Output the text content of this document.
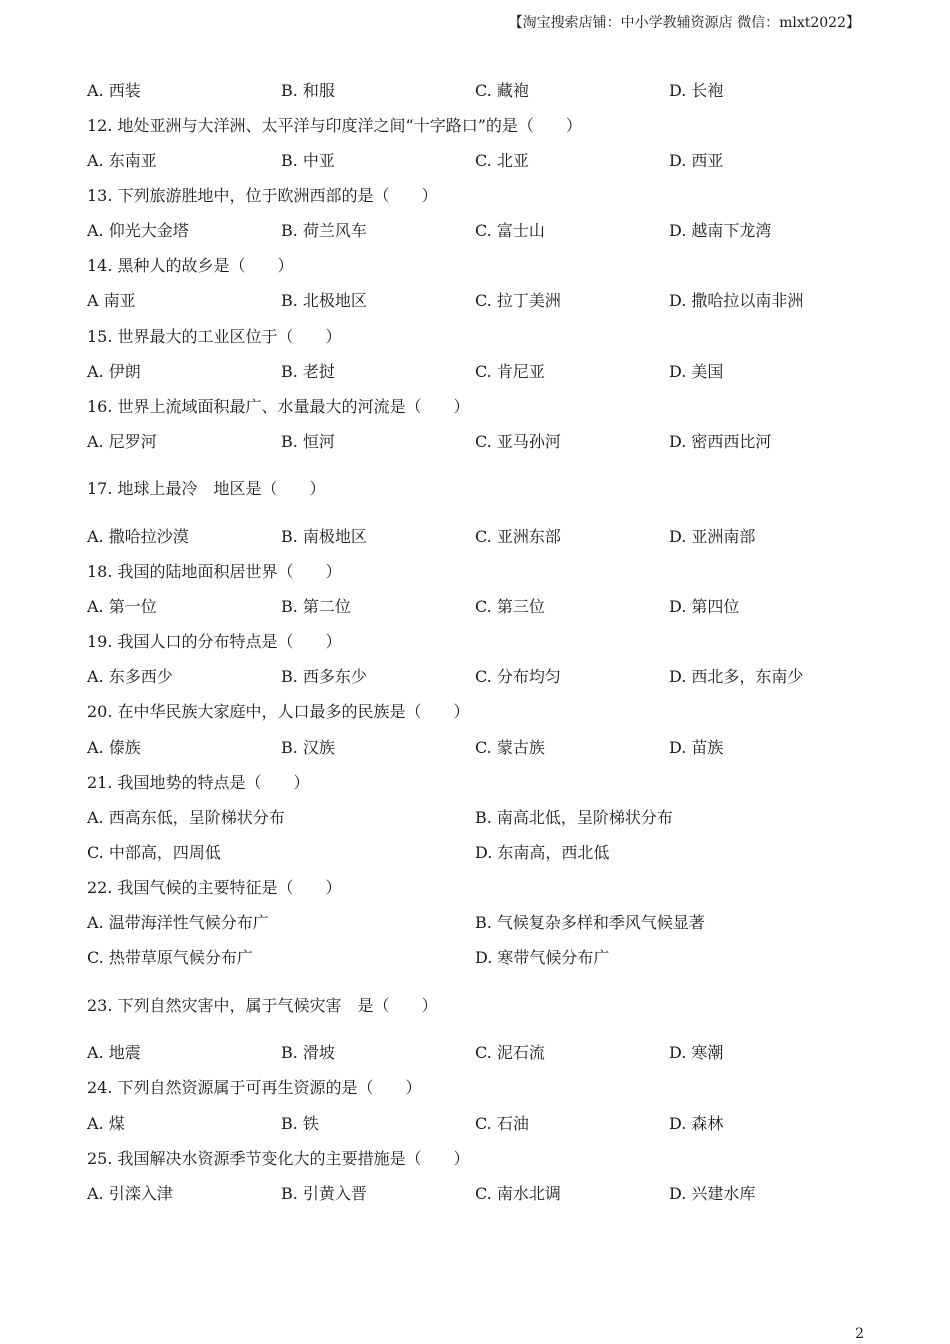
【淘宝搜索店铺：中小学教辅资源店 微信：mlxt2022】
A. 西装	B. 和服	C. 藏袍	D. 长袍
12. 地处亚洲与大洋洲、太平洋与印度洋之间“十字路口”的是（　　）
A. 东南亚	B. 中亚	C. 北亚	D. 西亚
13. 下列旅游胜地中，位于欧洲西部的是（　　）
A. 仰光大金塔	B. 荷兰风车	C. 富士山	D. 越南下龙湾
14. 黑种人的故乡是（　　）
A 南亚	B. 北极地区	C. 拉丁美洲	D. 撒哈拉以南非洲
15. 世界最大的工业区位于（　　）
A. 伊朗	B. 老挝	C. 肯尼亚	D. 美国
16. 世界上流域面积最广、水量最大的河流是（　　）
A. 尼罗河	B. 恒河	C. 亚马孙河	D. 密西西比河
17. 地球上最冷　地区是（　　）
A. 撒哈拉沙漠	B. 南极地区	C. 亚洲东部	D. 亚洲南部
18. 我国的陆地面积居世界（　　）
A. 第一位	B. 第二位	C. 第三位	D. 第四位
19. 我国人口的分布特点是（　　）
A. 东多西少	B. 西多东少	C. 分布均匀	D. 西北多，东南少
20. 在中华民族大家庭中，人口最多的民族是（　　）
A. 傣族	B. 汉族	C. 蒙古族	D. 苗族
21. 我国地势的特点是（　　）
A. 西高东低，呈阶梯状分布	B. 南高北低，呈阶梯状分布
C. 中部高，四周低	D. 东南高，西北低
22. 我国气候的主要特征是（　　）
A. 温带海洋性气候分布广	B. 气候复杂多样和季风气候显著
C. 热带草原气候分布广	D. 寒带气候分布广
23. 下列自然灾害中，属于气候灾害　是（　　）
A. 地震	B. 滑坡	C. 泥石流	D. 寒潮
24. 下列自然资源属于可再生资源的是（　　）
A. 煤	B. 铁	C. 石油	D. 森林
25. 我国解决水资源季节变化大的主要措施是（　　）
A. 引滦入津	B. 引黄入晋	C. 南水北调	D. 兴建水库
2
